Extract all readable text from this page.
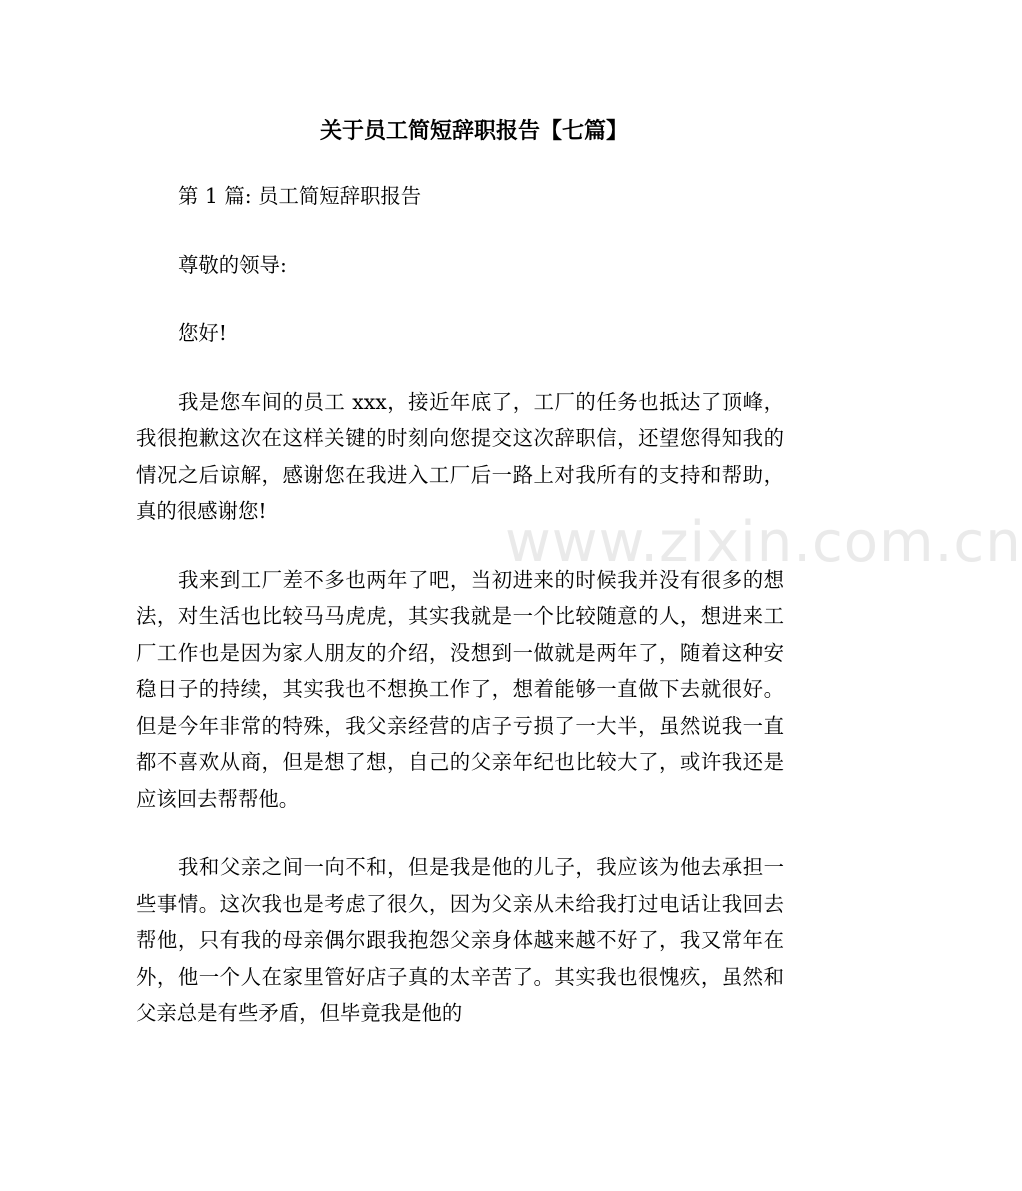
www.zixin.com.cn
关于员工简短辞职报告【七篇】

第 1 篇: 员工简短辞职报告

尊敬的领导:

您好!

我是您车间的员工 xxx，接近年底了，工厂的任务也抵达了顶峰，我很抱歉这次在这样关键的时刻向您提交这次辞职信，还望您得知我的情况之后谅解，感谢您在我进入工厂后一路上对我所有的支持和帮助，真的很感谢您!

我来到工厂差不多也两年了吧，当初进来的时候我并没有很多的想法，对生活也比较马马虎虎，其实我就是一个比较随意的人，想进来工厂工作也是因为家人朋友的介绍，没想到一做就是两年了，随着这种安稳日子的持续，其实我也不想换工作了，想着能够一直做下去就很好。但是今年非常的特殊，我父亲经营的店子亏损了一大半，虽然说我一直都不喜欢从商，但是想了想，自己的父亲年纪也比较大了，或许我还是应该回去帮帮他。

我和父亲之间一向不和，但是我是他的儿子，我应该为他去承担一些事情。这次我也是考虑了很久，因为父亲从未给我打过电话让我回去帮他，只有我的母亲偶尔跟我抱怨父亲身体越来越不好了，我又常年在外，他一个人在家里管好店子真的太辛苦了。其实我也很愧疚，虽然和父亲总是有些矛盾，但毕竟我是他的
